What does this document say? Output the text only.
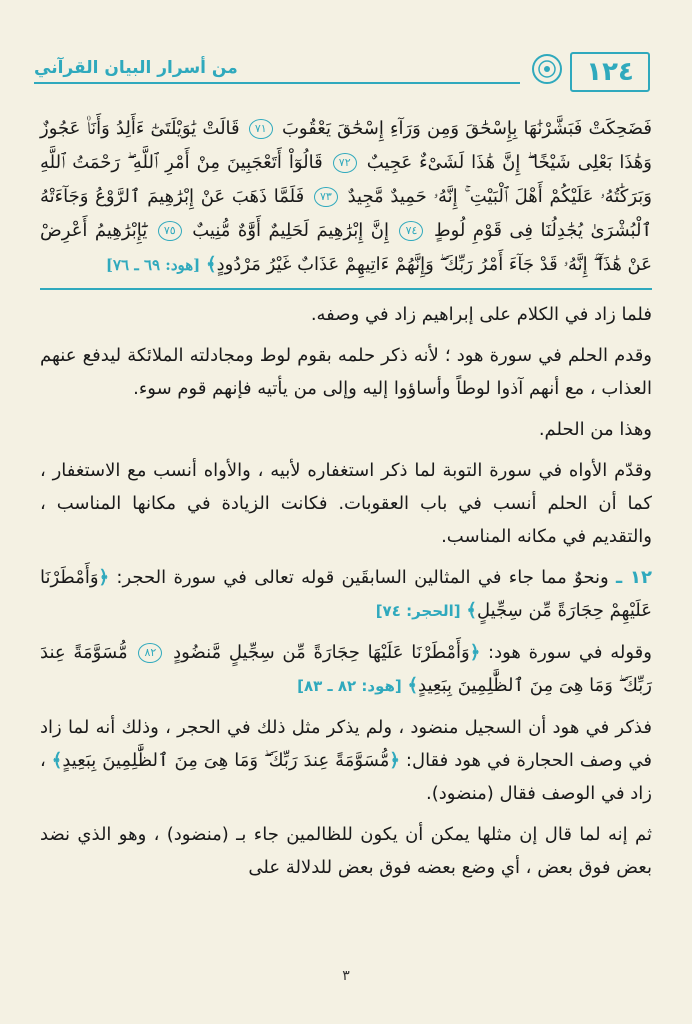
١٢٤
من أسرار البيان القرآني

فَضَحِكَتْ فَبَشَّرْنَٰهَا بِإِسْحَٰقَ وَمِن وَرَآءِ إِسْحَٰقَ يَعْقُوبَ ٧١ قَالَتْ يَٰوَيْلَتَىٰٓ ءَأَلِدُ وَأَنَا۠ عَجُوزٌ وَهَٰذَا بَعْلِى شَيْخًا ۖ إِنَّ هَٰذَا لَشَىْءٌ عَجِيبٌ ٧٢ قَالُوٓاْ أَتَعْجَبِينَ مِنْ أَمْرِ ٱللَّهِ ۖ رَحْمَتُ ٱللَّهِ وَبَرَكَٰتُهُۥ عَلَيْكُمْ أَهْلَ ٱلْبَيْتِ ۚ إِنَّهُۥ حَمِيدٌ مَّجِيدٌ ٧٣ فَلَمَّا ذَهَبَ عَنْ إِبْرَٰهِيمَ ٱلرَّوْعُ وَجَآءَتْهُ ٱلْبُشْرَىٰ يُجَٰدِلُنَا فِى قَوْمِ لُوطٍ ٧٤ إِنَّ إِبْرَٰهِيمَ لَحَلِيمٌ أَوَّٰهٌ مُّنِيبٌ ٧٥ يَٰٓإِبْرَٰهِيمُ أَعْرِضْ عَنْ هَٰذَآ ۖ إِنَّهُۥ قَدْ جَآءَ أَمْرُ رَبِّكَ ۖ وَإِنَّهُمْ ءَاتِيهِمْ عَذَابٌ غَيْرُ مَرْدُودٍ﴾ [هود: ٦٩ ـ ٧٦]

فلما زاد في الكلام على إبراهيم زاد في وصفه.

وقدم الحلم في سورة هود ؛ لأنه ذكر حلمه بقوم لوط ومجادلته الملائكة ليدفع عنهم العذاب ، مع أنهم آذوا لوطاً وأساؤوا إليه وإلى من يأتيه فإنهم قوم سوء.

وهذا من الحلم.

وقدّم الأواه في سورة التوبة لما ذكر استغفاره لأبيه ، والأواه أنسب مع الاستغفار ، كما أن الحلم أنسب في باب العقوبات. فكانت الزيادة في مكانها المناسب ، والتقديم في مكانه المناسب.

١٢ ـ ونحوٌ مما جاء في المثالين السابقَين قوله تعالى في سورة الحجر: ﴿وَأَمْطَرْنَا عَلَيْهِمْ حِجَارَةً مِّن سِجِّيلٍ﴾ [الحجر: ٧٤]

وقوله في سورة هود: ﴿وَأَمْطَرْنَا عَلَيْهَا حِجَارَةً مِّن سِجِّيلٍ مَّنضُودٍ ٨٢ مُّسَوَّمَةً عِندَ رَبِّكَ ۖ وَمَا هِىَ مِنَ ٱلظَّٰلِمِينَ بِبَعِيدٍ﴾ [هود: ٨٢ ـ ٨٣]

فذكر في هود أن السجيل منضود ، ولم يذكر مثل ذلك في الحجر ، وذلك أنه لما زاد في وصف الحجارة في هود فقال: ﴿مُّسَوَّمَةً عِندَ رَبِّكَ ۖ وَمَا هِىَ مِنَ ٱلظَّٰلِمِينَ بِبَعِيدٍ﴾ ، زاد في الوصف فقال (منضود).

ثم إنه لما قال إن مثلها يمكن أن يكون للظالمين جاء بـ (منضود) ، وهو الذي نضد بعض فوق بعض ، أي وضع بعضه فوق بعض للدلالة على

٣
